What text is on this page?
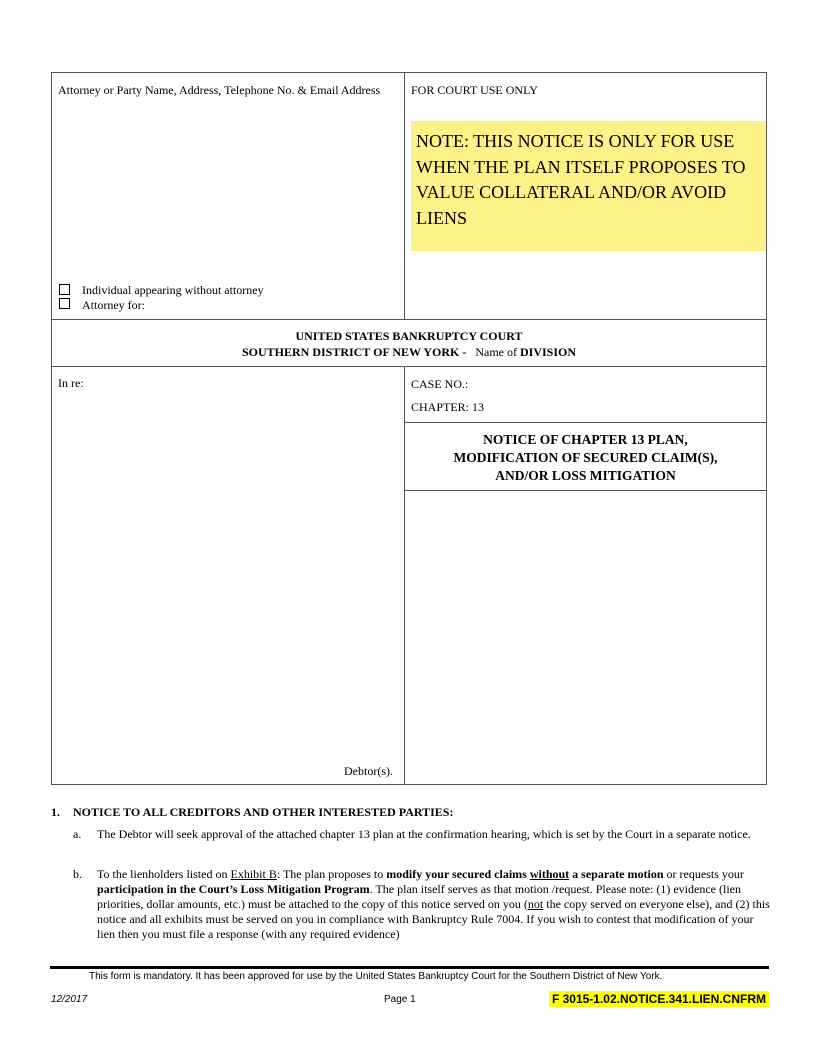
Attorney or Party Name, Address, Telephone No. & Email Address
Individual appearing without attorney
Attorney for:
FOR COURT USE ONLY
NOTE: THIS NOTICE IS ONLY FOR USE WHEN THE PLAN ITSELF PROPOSES TO VALUE COLLATERAL AND/OR AVOID LIENS
UNITED STATES BANKRUPTCY COURT
SOUTHERN DISTRICT OF NEW YORK - Name of DIVISION
In re:
Debtor(s).
CASE NO.:
CHAPTER: 13
NOTICE OF CHAPTER 13 PLAN,
MODIFICATION OF SECURED CLAIM(S),
AND/OR LOSS MITIGATION
1. NOTICE TO ALL CREDITORS AND OTHER INTERESTED PARTIES:
a. The Debtor will seek approval of the attached chapter 13 plan at the confirmation hearing, which is set by the Court in a separate notice.
b. To the lienholders listed on Exhibit B: The plan proposes to modify your secured claims without a separate motion or requests your participation in the Court’s Loss Mitigation Program. The plan itself serves as that motion /request. Please note: (1) evidence (lien priorities, dollar amounts, etc.) must be attached to the copy of this notice served on you (not the copy served on everyone else), and (2) this notice and all exhibits must be served on you in compliance with Bankruptcy Rule 7004. If you wish to contest that modification of your lien then you must file a response (with any required evidence)
This form is mandatory. It has been approved for use by the United States Bankruptcy Court for the Southern District of New York.
12/2017	Page 1	F 3015-1.02.NOTICE.341.LIEN.CNFRM
